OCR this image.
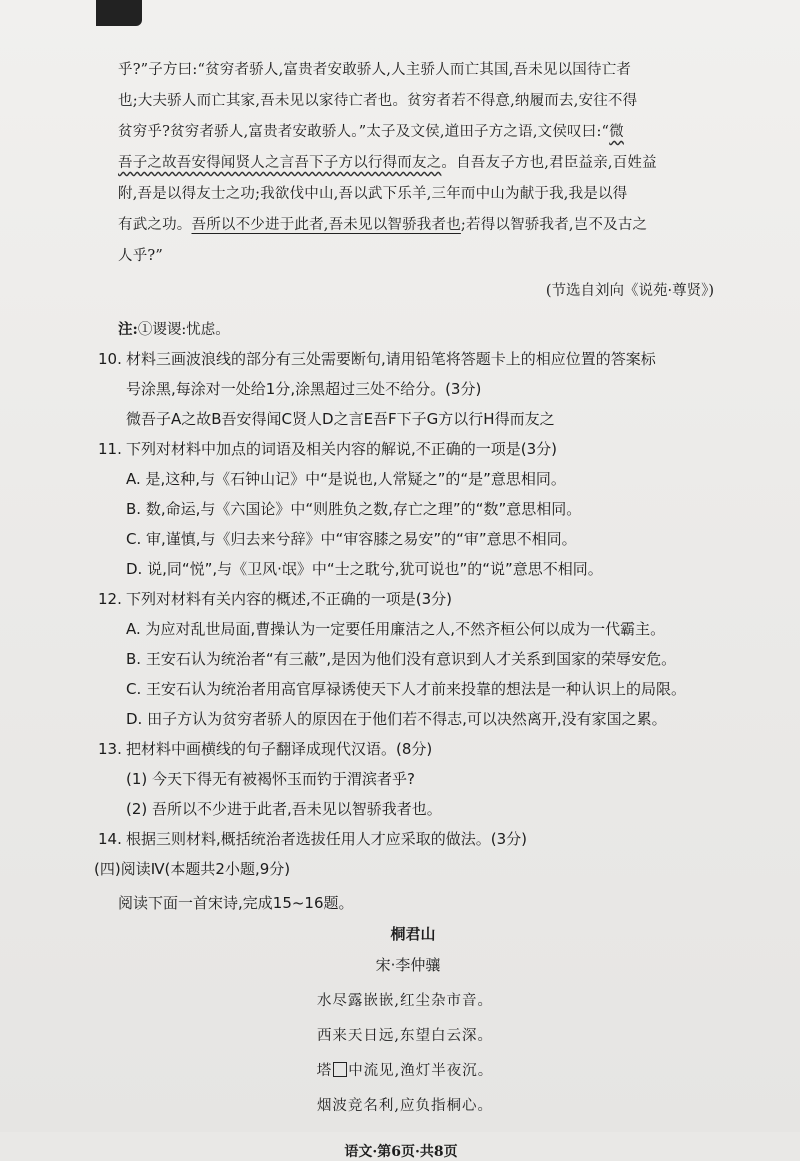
乎?”子方曰:“贫穷者骄人,富贵者安敢骄人,人主骄人而亡其国,吾未见以国待亡者

也;大夫骄人而亡其家,吾未见以家待亡者也。贫穷者若不得意,纳履而去,安往不得

贫穷乎?贫穷者骄人,富贵者安敢骄人。”太子及文侯,道田子方之语,文侯叹曰:“微

吾子之故吾安得闻贤人之言吾下子方以行得而友之。自吾友子方也,君臣益亲,百姓益

附,吾是以得友士之功;我欲伐中山,吾以武下乐羊,三年而中山为献于我,我是以得

有武之功。吾所以不少进于此者,吾未见以智骄我者也;若得以智骄我者,岂不及古之

人乎?”

(节选自刘向《说苑·尊贤》)
注:①谡谡:忧虑。
10. 材料三画波浪线的部分有三处需要断句,请用铅笔将答题卡上的相应位置的答案标
号涂黑,每涂对一处给1分,涂黑超过三处不给分。(3分)
微吾子A之故B吾安得闻C贤人D之言E吾F下子G方以行H得而友之
11. 下列对材料中加点的词语及相关内容的解说,不正确的一项是(3分)
A. 是,这种,与《石钟山记》中“是说也,人常疑之”的“是”意思相同。
B. 数,命运,与《六国论》中“则胜负之数,存亡之理”的“数”意思相同。
C. 审,谨慎,与《归去来兮辞》中“审容膝之易安”的“审”意思不相同。
D. 说,同“悦”,与《卫风·氓》中“士之耽兮,犹可说也”的“说”意思不相同。
12. 下列对材料有关内容的概述,不正确的一项是(3分)
A. 为应对乱世局面,曹操认为一定要任用廉洁之人,不然齐桓公何以成为一代霸主。
B. 王安石认为统治者“有三蔽”,是因为他们没有意识到人才关系到国家的荣辱安危。
C. 王安石认为统治者用高官厚禄诱使天下人才前来投靠的想法是一种认识上的局限。
D. 田子方认为贫穷者骄人的原因在于他们若不得志,可以决然离开,没有家国之累。
13. 把材料中画横线的句子翻译成现代汉语。(8分)
(1) 今天下得无有被褐怀玉而钓于渭滨者乎?
(2) 吾所以不少进于此者,吾未见以智骄我者也。
14. 根据三则材料,概括统治者选拔任用人才应采取的做法。(3分)
(四)阅读Ⅳ(本题共2小题,9分)
阅读下面一首宋诗,完成15~16题。
桐君山
宋·李仲骧
水尽露嵌嵌,红尘杂市音。
西来天日远,东望白云深。
塔 中流见,渔灯半夜沉。
烟波竞名利,应负指桐心。
语文·第6页·共8页
